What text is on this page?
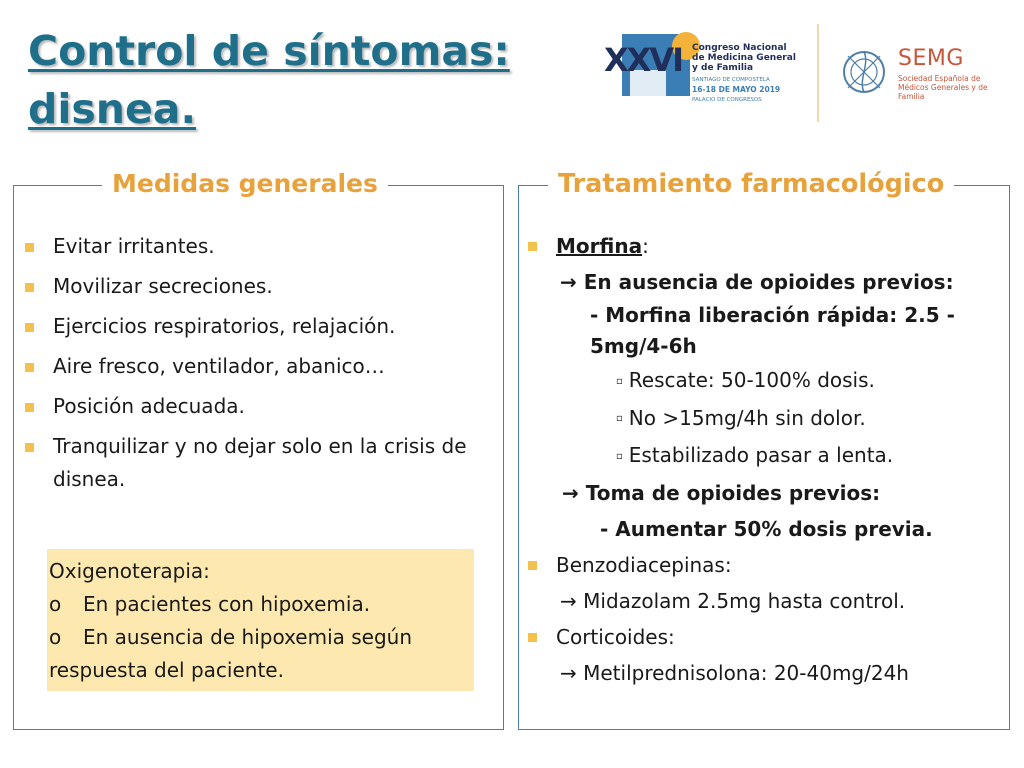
Control de síntomas:
disnea.
XXVI Congreso Nacional
de Medicina General
y de Familia
SANTIAGO DE COMPOSTELA
16-18 DE MAYO 2019
PALACIO DE CONGRESOS
SEMG
Sociedad Española de Médicos Generales y de Familia
Medidas generales
Evitar irritantes.
Movilizar secreciones.
Ejercicios respiratorios, relajación.
Aire fresco, ventilador, abanico…
Posición adecuada.
Tranquilizar y no dejar solo en la crisis de disnea.
Oxigenoterapia:
o En pacientes con hipoxemia.
o En ausencia de hipoxemia según
respuesta del paciente.
Tratamiento farmacológico
Morfina:
→ En ausencia de opioides previos:
- Morfina liberación rápida: 2.5 - 5mg/4-6h
▫ Rescate: 50-100% dosis.
▫ No >15mg/4h sin dolor.
▫ Estabilizado pasar a lenta.
→ Toma de opioides previos:
- Aumentar 50% dosis previa.
Benzodiacepinas:
→ Midazolam 2.5mg hasta control.
Corticoides:
→ Metilprednisolona: 20-40mg/24h
